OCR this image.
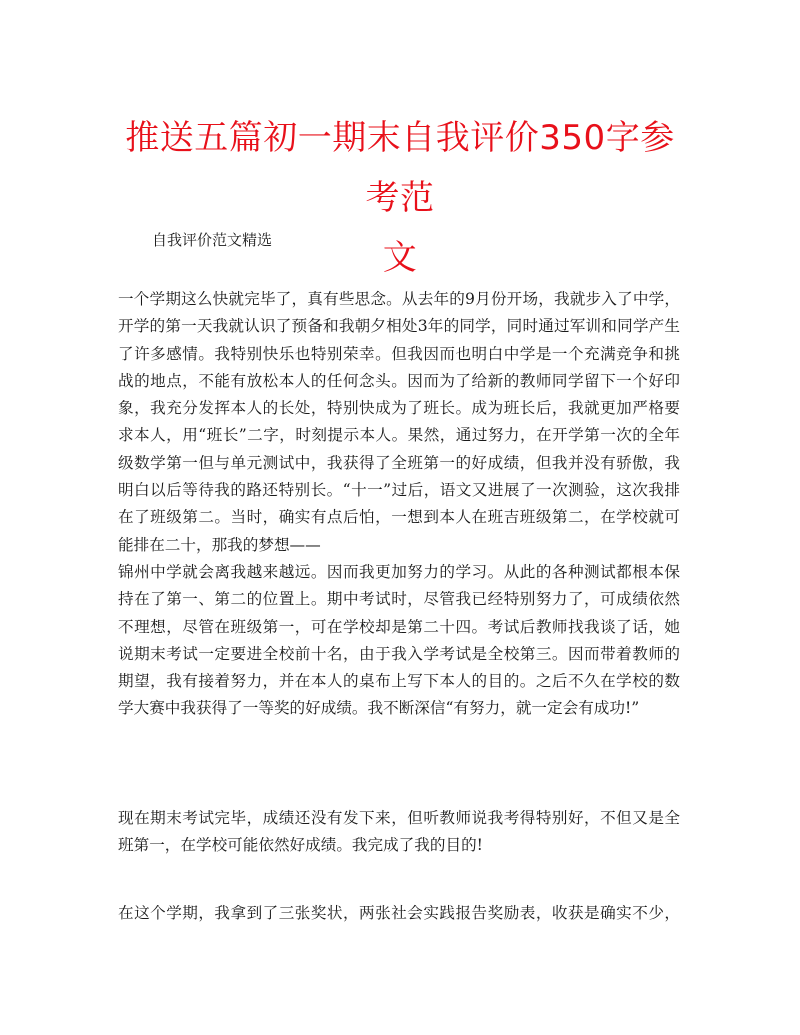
推送五篇初一期末自我评价350字参考范
文

自我评价范文精选

一个学期这么快就完毕了，真有些思念。从去年的9月份开场，我就步入了中学，
开学的第一天我就认识了预备和我朝夕相处3年的同学，同时通过军训和同学产生
了许多感情。我特别快乐也特别荣幸。但我因而也明白中学是一个充满竞争和挑
战的地点，不能有放松本人的任何念头。因而为了给新的教师同学留下一个好印
象，我充分发挥本人的长处，特别快成为了班长。成为班长后，我就更加严格要
求本人，用“班长”二字，时刻提示本人。果然，通过努力，在开学第一次的全年
级数学第一但与单元测试中，我获得了全班第一的好成绩，但我并没有骄傲，我
明白以后等待我的路还特别长。“十一”过后，语文又进展了一次测验，这次我排
在了班级第二。当时，确实有点后怕，一想到本人在班吉班级第二，在学校就可
能排在二十，那我的梦想——
锦州中学就会离我越来越远。因而我更加努力的学习。从此的各种测试都根本保
持在了第一、第二的位置上。期中考试时，尽管我已经特别努力了，可成绩依然
不理想，尽管在班级第一，可在学校却是第二十四。考试后教师找我谈了话，她
说期末考试一定要进全校前十名，由于我入学考试是全校第三。因而带着教师的
期望，我有接着努力，并在本人的桌布上写下本人的目的。之后不久在学校的数
学大赛中我获得了一等奖的好成绩。我不断深信“有努力，就一定会有成功!”
现在期末考试完毕，成绩还没有发下来，但听教师说我考得特别好，不但又是全
班第一，在学校可能依然好成绩。我完成了我的目的!
在这个学期，我拿到了三张奖状，两张社会实践报告奖励表，收获是确实不少，
